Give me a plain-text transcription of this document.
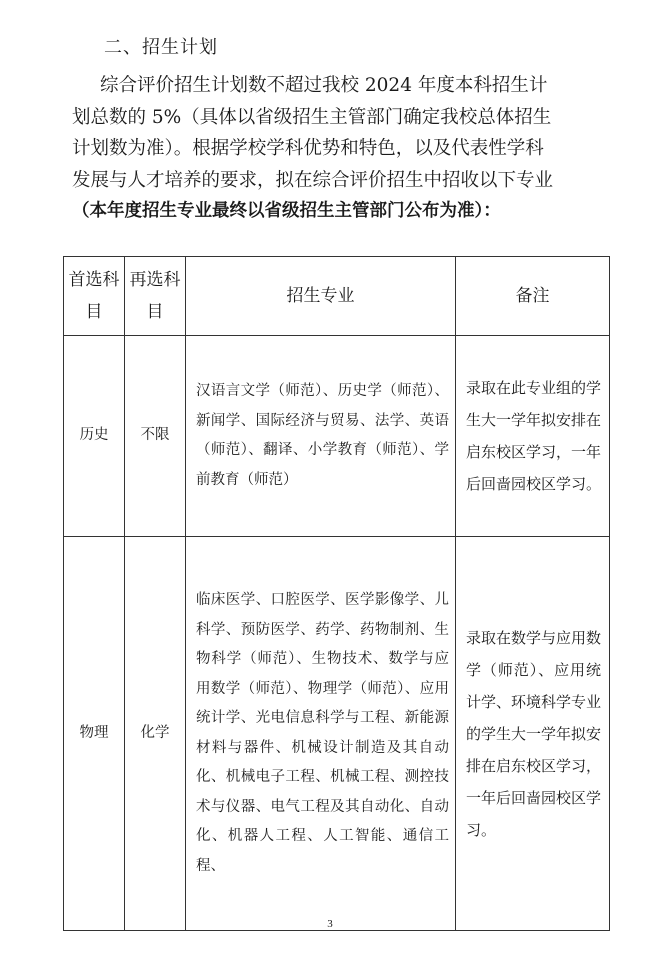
二、招生计划
综合评价招生计划数不超过我校 2024 年度本科招生计
划总数的 5%（具体以省级招生主管部门确定我校总体招生
计划数为准）。根据学校学科优势和特色，以及代表性学科
发展与人才培养的要求，拟在综合评价招生中招收以下专业
（本年度招生专业最终以省级招生主管部门公布为准）：
首选科目	再选科目	招生专业	备注
历史	不限	汉语言文学（师范）、历史学（师范）、新闻学、国际经济与贸易、法学、英语（师范）、翻译、小学教育（师范）、学前教育（师范）	录取在此专业组的学生大一学年拟安排在启东校区学习，一年后回啬园校区学习。
物理	化学	临床医学、口腔医学、医学影像学、儿科学、预防医学、药学、药物制剂、生物科学（师范）、生物技术、数学与应用数学（师范）、物理学（师范）、应用统计学、光电信息科学与工程、新能源材料与器件、机械设计制造及其自动化、机械电子工程、机械工程、测控技术与仪器、电气工程及其自动化、自动化、机器人工程、人工智能、通信工程、	录取在数学与应用数学（师范）、应用统计学、环境科学专业的学生大一学年拟安排在启东校区学习，一年后回啬园校区学习。
3
